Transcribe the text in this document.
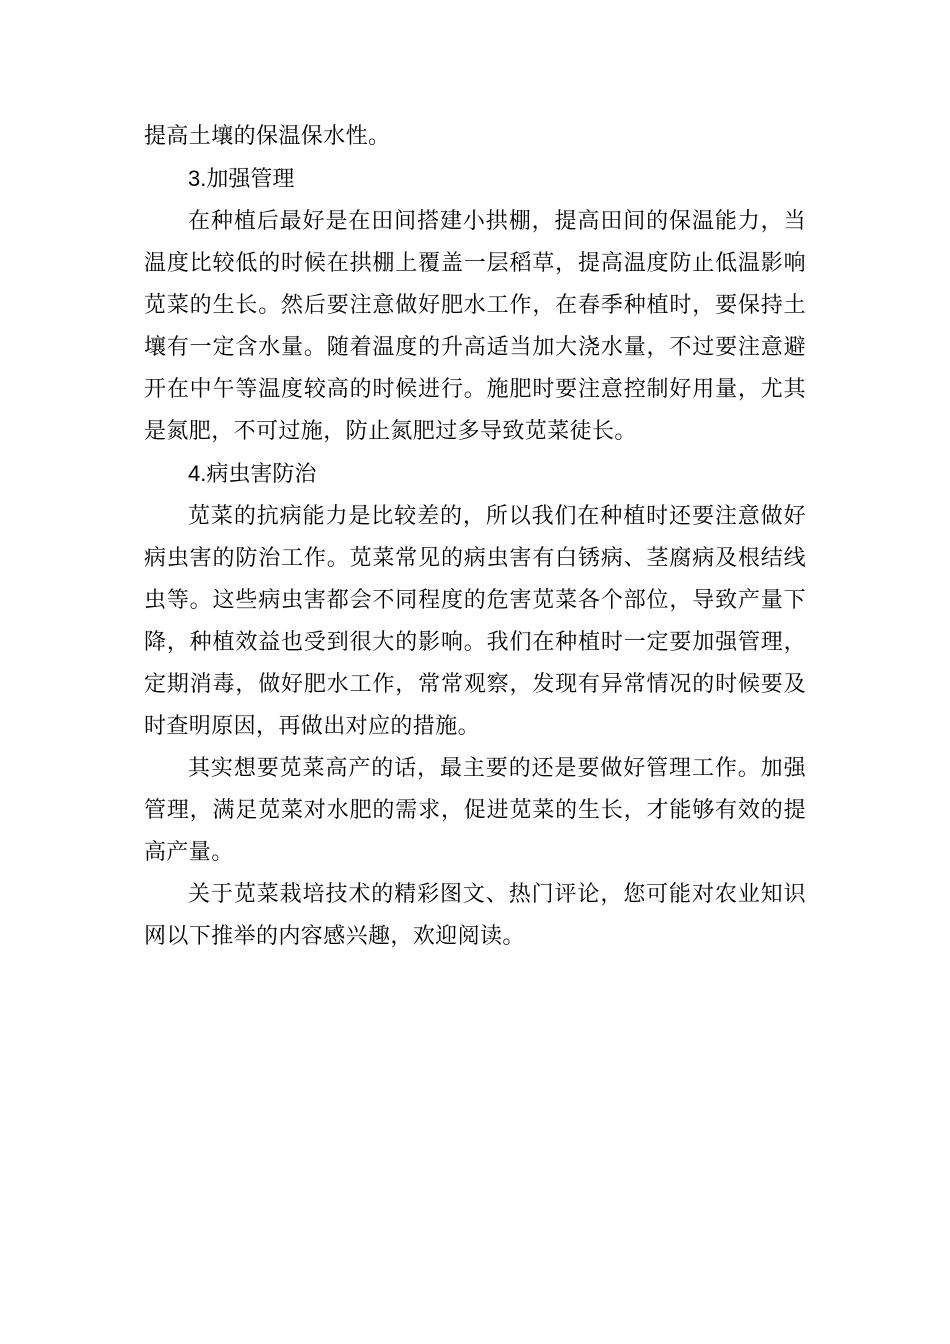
提高土壤的保温保水性。

3.加强管理

在种植后最好是在田间搭建小拱棚，提高田间的保温能力，当温度比较低的时候在拱棚上覆盖一层稻草，提高温度防止低温影响苋菜的生长。然后要注意做好肥水工作，在春季种植时，要保持土壤有一定含水量。随着温度的升高适当加大浇水量，不过要注意避开在中午等温度较高的时候进行。施肥时要注意控制好用量，尤其是氮肥，不可过施，防止氮肥过多导致苋菜徒长。

4.病虫害防治

苋菜的抗病能力是比较差的，所以我们在种植时还要注意做好病虫害的防治工作。苋菜常见的病虫害有白锈病、茎腐病及根结线虫等。这些病虫害都会不同程度的危害苋菜各个部位，导致产量下降，种植效益也受到很大的影响。我们在种植时一定要加强管理，定期消毒，做好肥水工作，常常观察，发现有异常情况的时候要及时查明原因，再做出对应的措施。

其实想要苋菜高产的话，最主要的还是要做好管理工作。加强管理，满足苋菜对水肥的需求，促进苋菜的生长，才能够有效的提高产量。

关于苋菜栽培技术的精彩图文、热门评论，您可能对农业知识网以下推举的内容感兴趣，欢迎阅读。
